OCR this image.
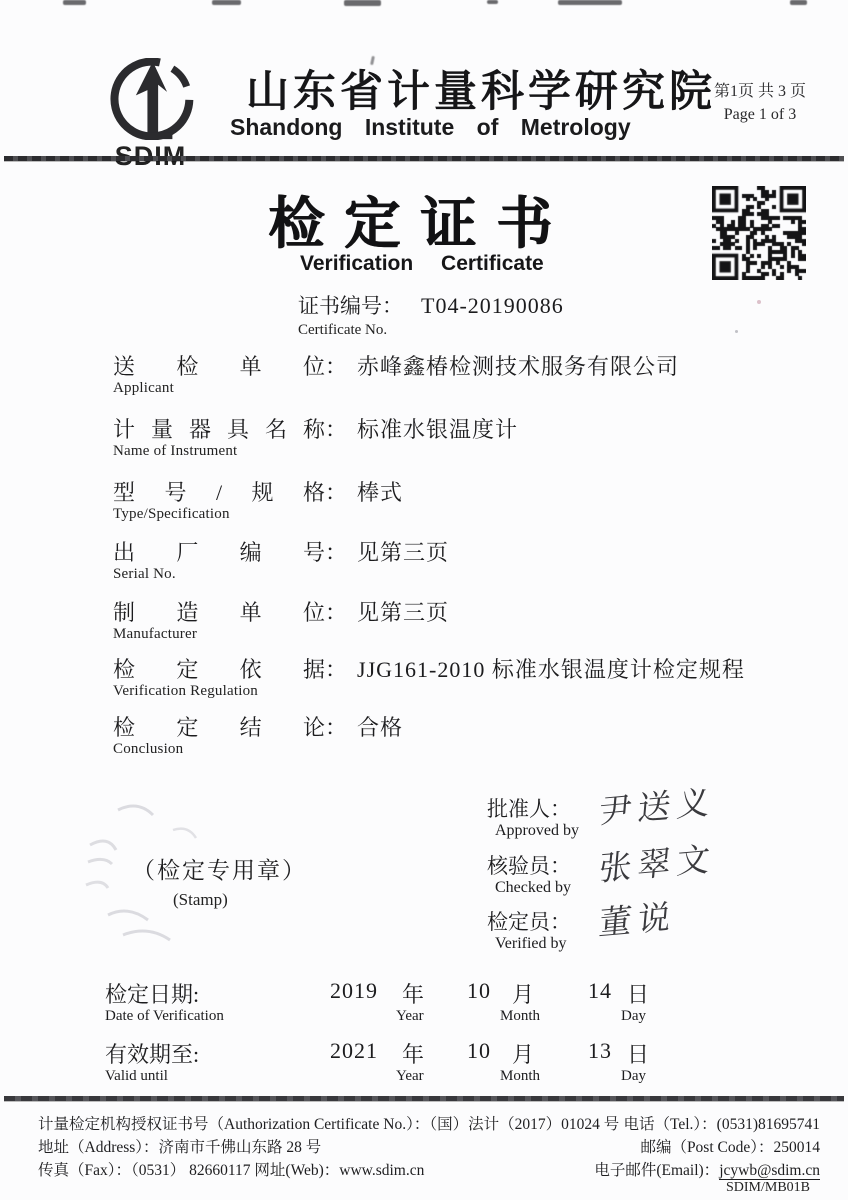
山东省计量科学研究院
Shandong Institute of Metrology
第1页 共 3 页
Page 1 of 3
检定证书
Verification Certificate
证书编号： T04-20190086
Certificate No.
送检单位： 赤峰鑫椿检测技术服务有限公司
Applicant
计量器具名称： 标准水银温度计
Name of Instrument
型号/规格： 棒式
Type/Specification
出厂编号： 见第三页
Serial No.
制造单位： 见第三页
Manufacturer
检定依据： JJG161-2010 标准水银温度计检定规程
Verification Regulation
检定结论： 合格
Conclusion
（检定专用章）
(Stamp)
批准人：
Approved by 尹送义
核验员：
Checked by 张翠文
检定员：
Verified by
董说
检定日期:
Date of Verification
2019 年
Year
10 月
Month
14 日
Day
有效期至:
Valid until
2021 年
Year
10 月
Month
13 日
Day
计量检定机构授权证书号（Authorization Certificate No.）：（国）法计（2017）01024 号 电话（Tel.）：(0531)81695741
地址（Address）：济南市千佛山东路 28 号	邮编（Post Code）：250014
传真（Fax）：（0531） 82660117 网址(Web)：www.sdim.cn	电子邮件(Email)：jcywb@sdim.cn
SDIM/MB01B
